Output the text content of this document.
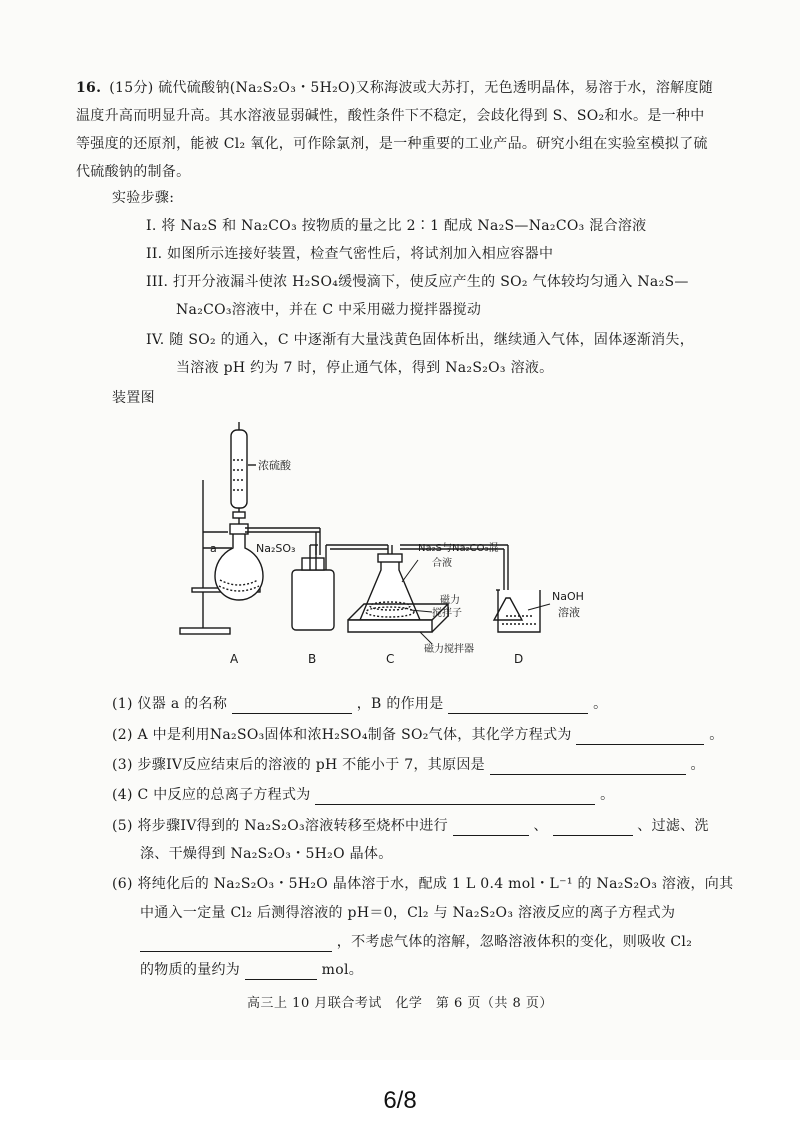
16. (15分) 硫代硫酸钠(Na₂S₂O₃・5H₂O)又称海波或大苏打，无色透明晶体，易溶于水，溶解度随温度升高而明显升高。其水溶液显弱碱性，酸性条件下不稳定，会歧化得到 S、SO₂和水。是一种中等强度的还原剂，能被 Cl₂ 氧化，可作除氯剂，是一种重要的工业产品。研究小组在实验室模拟了硫代硫酸钠的制备。
实验步骤:
I. 将 Na₂S 和 Na₂CO₃ 按物质的量之比 2∶1 配成 Na₂S—Na₂CO₃ 混合溶液
II. 如图所示连接好装置，检查气密性后，将试剂加入相应容器中
III. 打开分液漏斗使浓 H₂SO₄缓慢滴下，使反应产生的 SO₂ 气体较均匀通入 Na₂S—
Na₂CO₃溶液中，并在 C 中采用磁力搅拌器搅动
IV. 随 SO₂ 的通入，C 中逐渐有大量浅黄色固体析出，继续通入气体，固体逐渐消失，
当溶液 pH 约为 7 时，停止通气体，得到 Na₂S₂O₃ 溶液。
装置图
浓硫酸
a	Na₂SO₃	Na₂S与Na₂CO₃混
合液
磁力
搅拌子
磁力搅拌器
NaOH
溶液
A	B	C	D
(1) 仪器 a 的名称	，B 的作用是	。
(2) A 中是利用Na₂SO₃固体和浓H₂SO₄制备 SO₂气体，其化学方程式为	。
(3) 步骤IV反应结束后的溶液的 pH 不能小于 7，其原因是	。
(4) C 中反应的总离子方程式为	。
(5) 将步骤IV得到的 Na₂S₂O₃溶液转移至烧杯中进行	、	、过滤、洗
涤、干燥得到 Na₂S₂O₃・5H₂O 晶体。
(6) 将纯化后的 Na₂S₂O₃・5H₂O 晶体溶于水，配成 1 L 0.4 mol・L⁻¹ 的 Na₂S₂O₃ 溶液，向其
中通入一定量 Cl₂ 后测得溶液的 pH＝0，Cl₂ 与 Na₂S₂O₃ 溶液反应的离子方程式为
，不考虑气体的溶解，忽略溶液体积的变化，则吸收 Cl₂
的物质的量约为	mol。
高三上 10 月联合考试　化学　第 6 页（共 8 页）
6/8
